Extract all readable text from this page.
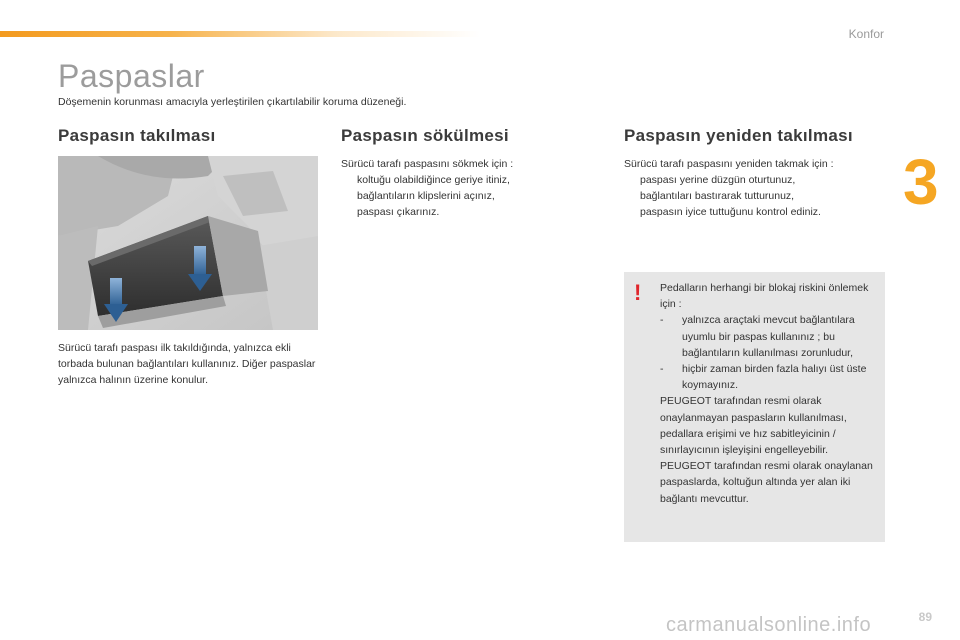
Konfor
3
Paspaslar
Döşemenin korunması amacıyla yerleştirilen çıkartılabilir koruma düzeneği.
Paspasın takılması
Sürücü tarafı paspası ilk takıldığında, yalnızca ekli torbada bulunan bağlantıları kullanınız. Diğer paspaslar yalnızca halının üzerine konulur.
Paspasın sökülmesi
Sürücü tarafı paspasını sökmek için :
koltuğu olabildiğince geriye itiniz,
bağlantıların klipslerini açınız,
paspası çıkarınız.
Paspasın yeniden takılması
Sürücü tarafı paspasını yeniden takmak için :
paspası yerine düzgün oturtunuz,
bağlantıları bastırarak tutturunuz,
paspasın iyice tuttuğunu kontrol ediniz.
! Pedalların herhangi bir blokaj riskini önlemek için :
-	yalnızca araçtaki mevcut bağlantılara uyumlu bir paspas kullanınız ; bu bağlantıların kullanılması zorunludur,
-	hiçbir zaman birden fazla halıyı üst üste koymayınız.
PEUGEOT tarafından resmi olarak onaylanmayan paspasların kullanılması, pedallara erişimi ve hız sabitleyicinin / sınırlayıcının işleyişini engelleyebilir.
PEUGEOT tarafından resmi olarak onaylanan paspaslarda, koltuğun altında yer alan iki bağlantı mevcuttur.
89
carmanualsonline.info
